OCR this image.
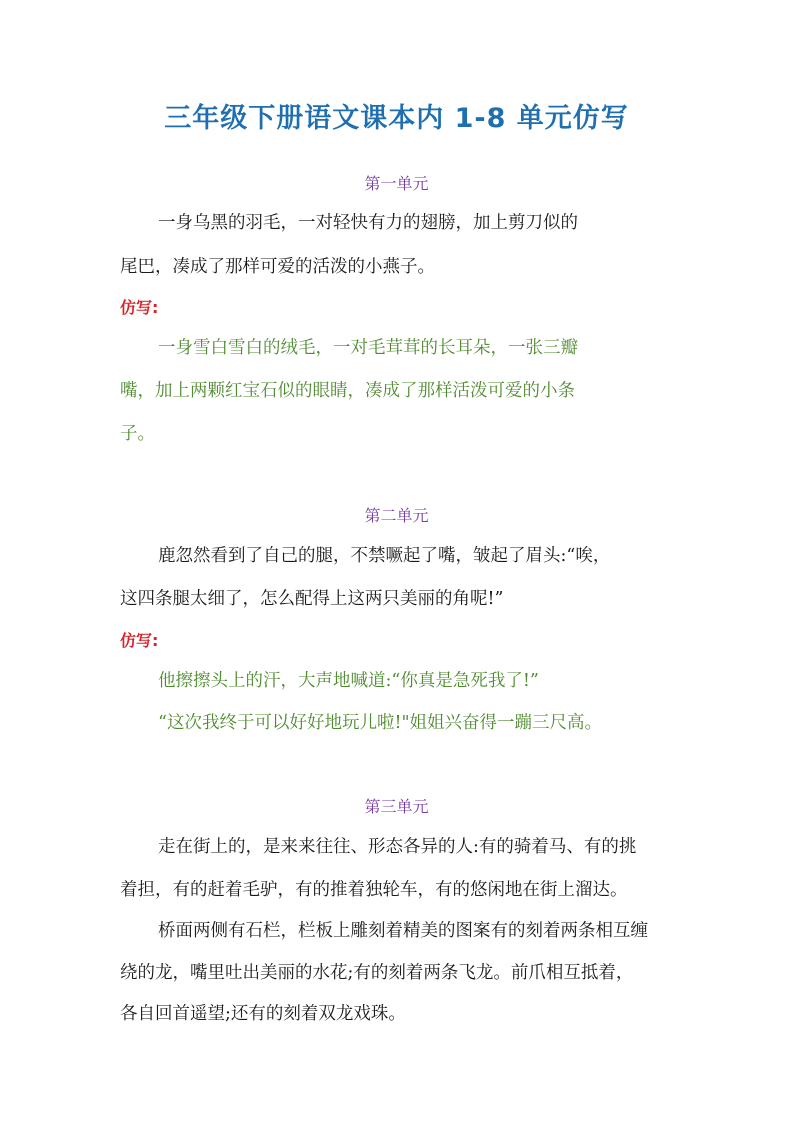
三年级下册语文课本内 1-8 单元仿写
第一单元
一身乌黑的羽毛，一对轻快有力的翅膀，加上剪刀似的
尾巴，凑成了那样可爱的活泼的小燕子。
仿写:
一身雪白雪白的绒毛，一对毛茸茸的长耳朵，一张三瓣
嘴，加上两颗红宝石似的眼睛，凑成了那样活泼可爱的小条
子。
第二单元
鹿忽然看到了自己的腿，不禁噘起了嘴，皱起了眉头:“唉，
这四条腿太细了，怎么配得上这两只美丽的角呢!”
仿写:
他擦擦头上的汗，大声地喊道:“你真是急死我了!”
“这次我终于可以好好地玩儿啦!"姐姐兴奋得一蹦三尺高。
第三单元
走在街上的，是来来往往、形态各异的人:有的骑着马、有的挑
着担，有的赶着毛驴，有的推着独轮车，有的悠闲地在街上溜达。
桥面两侧有石栏，栏板上雕刻着精美的图案有的刻着两条相互缠
绕的龙，嘴里吐出美丽的水花;有的刻着两条飞龙。前爪相互抵着，
各自回首遥望;还有的刻着双龙戏珠。
